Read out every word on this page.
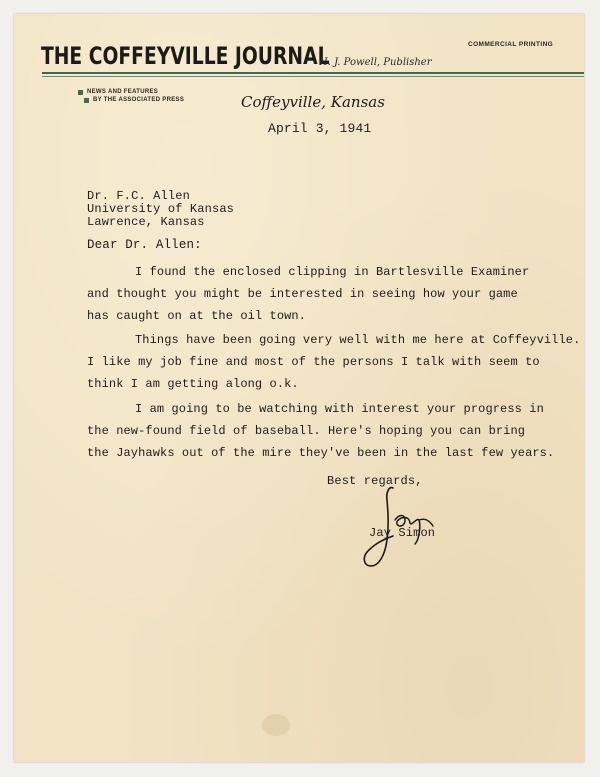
THE COFFEYVILLE JOURNAL
H. J. Powell, Publisher
COMMERCIAL PRINTING
NEWS AND FEATURES
BY THE ASSOCIATED PRESS	Coffeyville, Kansas
April 3, 1941
Dr. F.C. Allen
University of Kansas
Lawrence, Kansas
Dear Dr. Allen:
I found the enclosed clipping in Bartlesville Examiner
and thought you might be interested in seeing how your game
has caught on at the oil town.
Things have been going very well with me here at Coffeyville.
I like my job fine and most of the persons I talk with seem to
think I am getting along o.k.
I am going to be watching with interest your progress in
the new-found field of baseball. Here's hoping you can bring
the Jayhawks out of the mire they've been in the last few years.
Best regards,
Jay Simon
